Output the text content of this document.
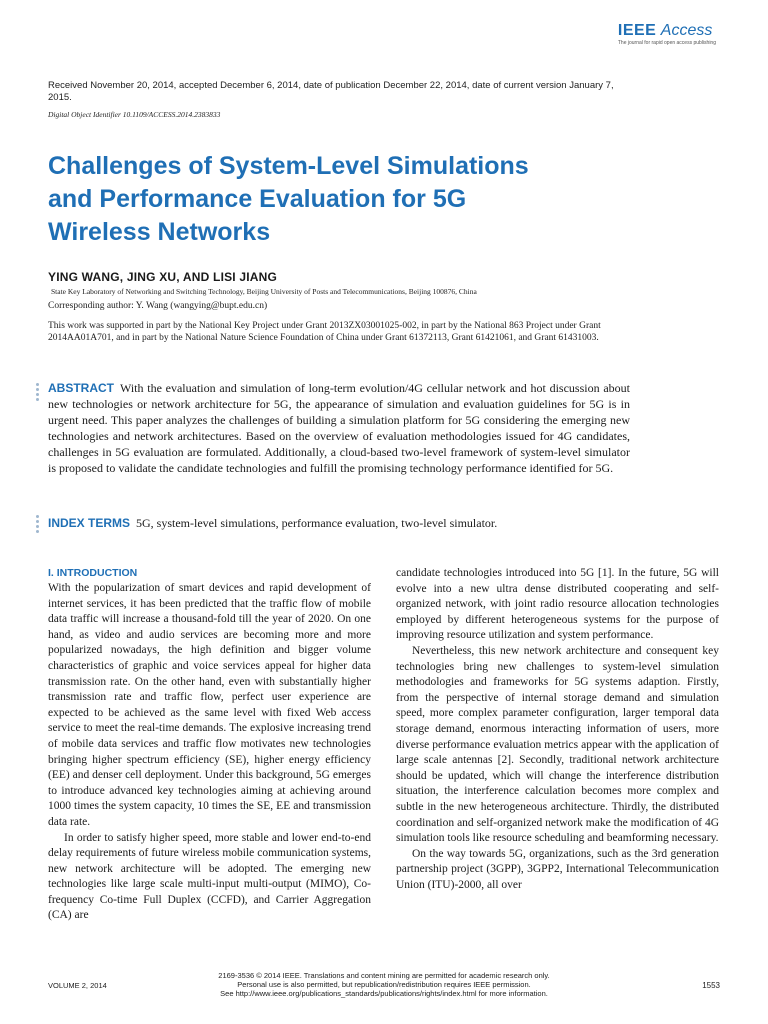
IEEE Access
The journal for rapid open access publishing
Received November 20, 2014, accepted December 6, 2014, date of publication December 22, 2014, date of current version January 7, 2015.
Digital Object Identifier 10.1109/ACCESS.2014.2383833
Challenges of System-Level Simulations and Performance Evaluation for 5G Wireless Networks
YING WANG, JING XU, AND LISI JIANG
State Key Laboratory of Networking and Switching Technology, Beijing University of Posts and Telecommunications, Beijing 100876, China
Corresponding author: Y. Wang (wangying@bupt.edu.cn)
This work was supported in part by the National Key Project under Grant 2013ZX03001025-002, in part by the National 863 Project under Grant 2014AA01A701, and in part by the National Nature Science Foundation of China under Grant 61372113, Grant 61421061, and Grant 61431003.
ABSTRACT With the evaluation and simulation of long-term evolution/4G cellular network and hot discussion about new technologies or network architecture for 5G, the appearance of simulation and evaluation guidelines for 5G is in urgent need. This paper analyzes the challenges of building a simulation platform for 5G considering the emerging new technologies and network architectures. Based on the overview of evaluation methodologies issued for 4G candidates, challenges in 5G evaluation are formulated. Additionally, a cloud-based two-level framework of system-level simulator is proposed to validate the candidate technologies and fulfill the promising technology performance identified for 5G.
INDEX TERMS 5G, system-level simulations, performance evaluation, two-level simulator.
I. INTRODUCTION

With the popularization of smart devices and rapid development of internet services, it has been predicted that the traffic flow of mobile data traffic will increase a thousand-fold till the year of 2020. On one hand, as video and audio services are becoming more and more popularized nowadays, the high definition and bigger volume characteristics of graphic and voice services appeal for higher data transmission rate. On the other hand, even with substantially higher transmission rate and traffic flow, perfect user experience are expected to be achieved as the same level with fixed Web access service to meet the real-time demands. The explosive increasing trend of mobile data services and traffic flow motivates new technologies bringing higher spectrum efficiency (SE), higher energy efficiency (EE) and denser cell deployment. Under this background, 5G emerges to introduce advanced key technologies aiming at achieving around 1000 times the system capacity, 10 times the SE, EE and transmission data rate.

In order to satisfy higher speed, more stable and lower end-to-end delay requirements of future wireless mobile communication systems, new network architecture will be adopted. The emerging new technologies like large scale multi-input multi-output (MIMO), Co-frequency Co-time Full Duplex (CCFD), and Carrier Aggregation (CA) are

candidate technologies introduced into 5G [1]. In the future, 5G will evolve into a new ultra dense distributed cooperating and self-organized network, with joint radio resource allocation technologies employed by different heterogeneous systems for the purpose of improving resource utilization and system performance.

Nevertheless, this new network architecture and consequent key technologies bring new challenges to system-level simulation methodologies and frameworks for 5G systems adaption. Firstly, from the perspective of internal storage demand and simulation speed, more complex parameter configuration, larger temporal data storage demand, enormous interacting information of users, more diverse performance evaluation metrics appear with the application of large scale antennas [2]. Secondly, traditional network architecture should be updated, which will change the interference distribution situation, the interference calculation becomes more complex and subtle in the new heterogeneous architecture. Thirdly, the distributed coordination and self-organized network make the modification of 4G simulation tools like resource scheduling and beamforming necessary.

On the way towards 5G, organizations, such as the 3rd generation partnership project (3GPP), 3GPP2, International Telecommunication Union (ITU)-2000, all over

2169-3536 © 2014 IEEE. Translations and content mining are permitted for academic research only.
Personal use is also permitted, but republication/redistribution requires IEEE permission.
See http://www.ieee.org/publications_standards/publications/rights/index.html for more information.
VOLUME 2, 2014	1553
